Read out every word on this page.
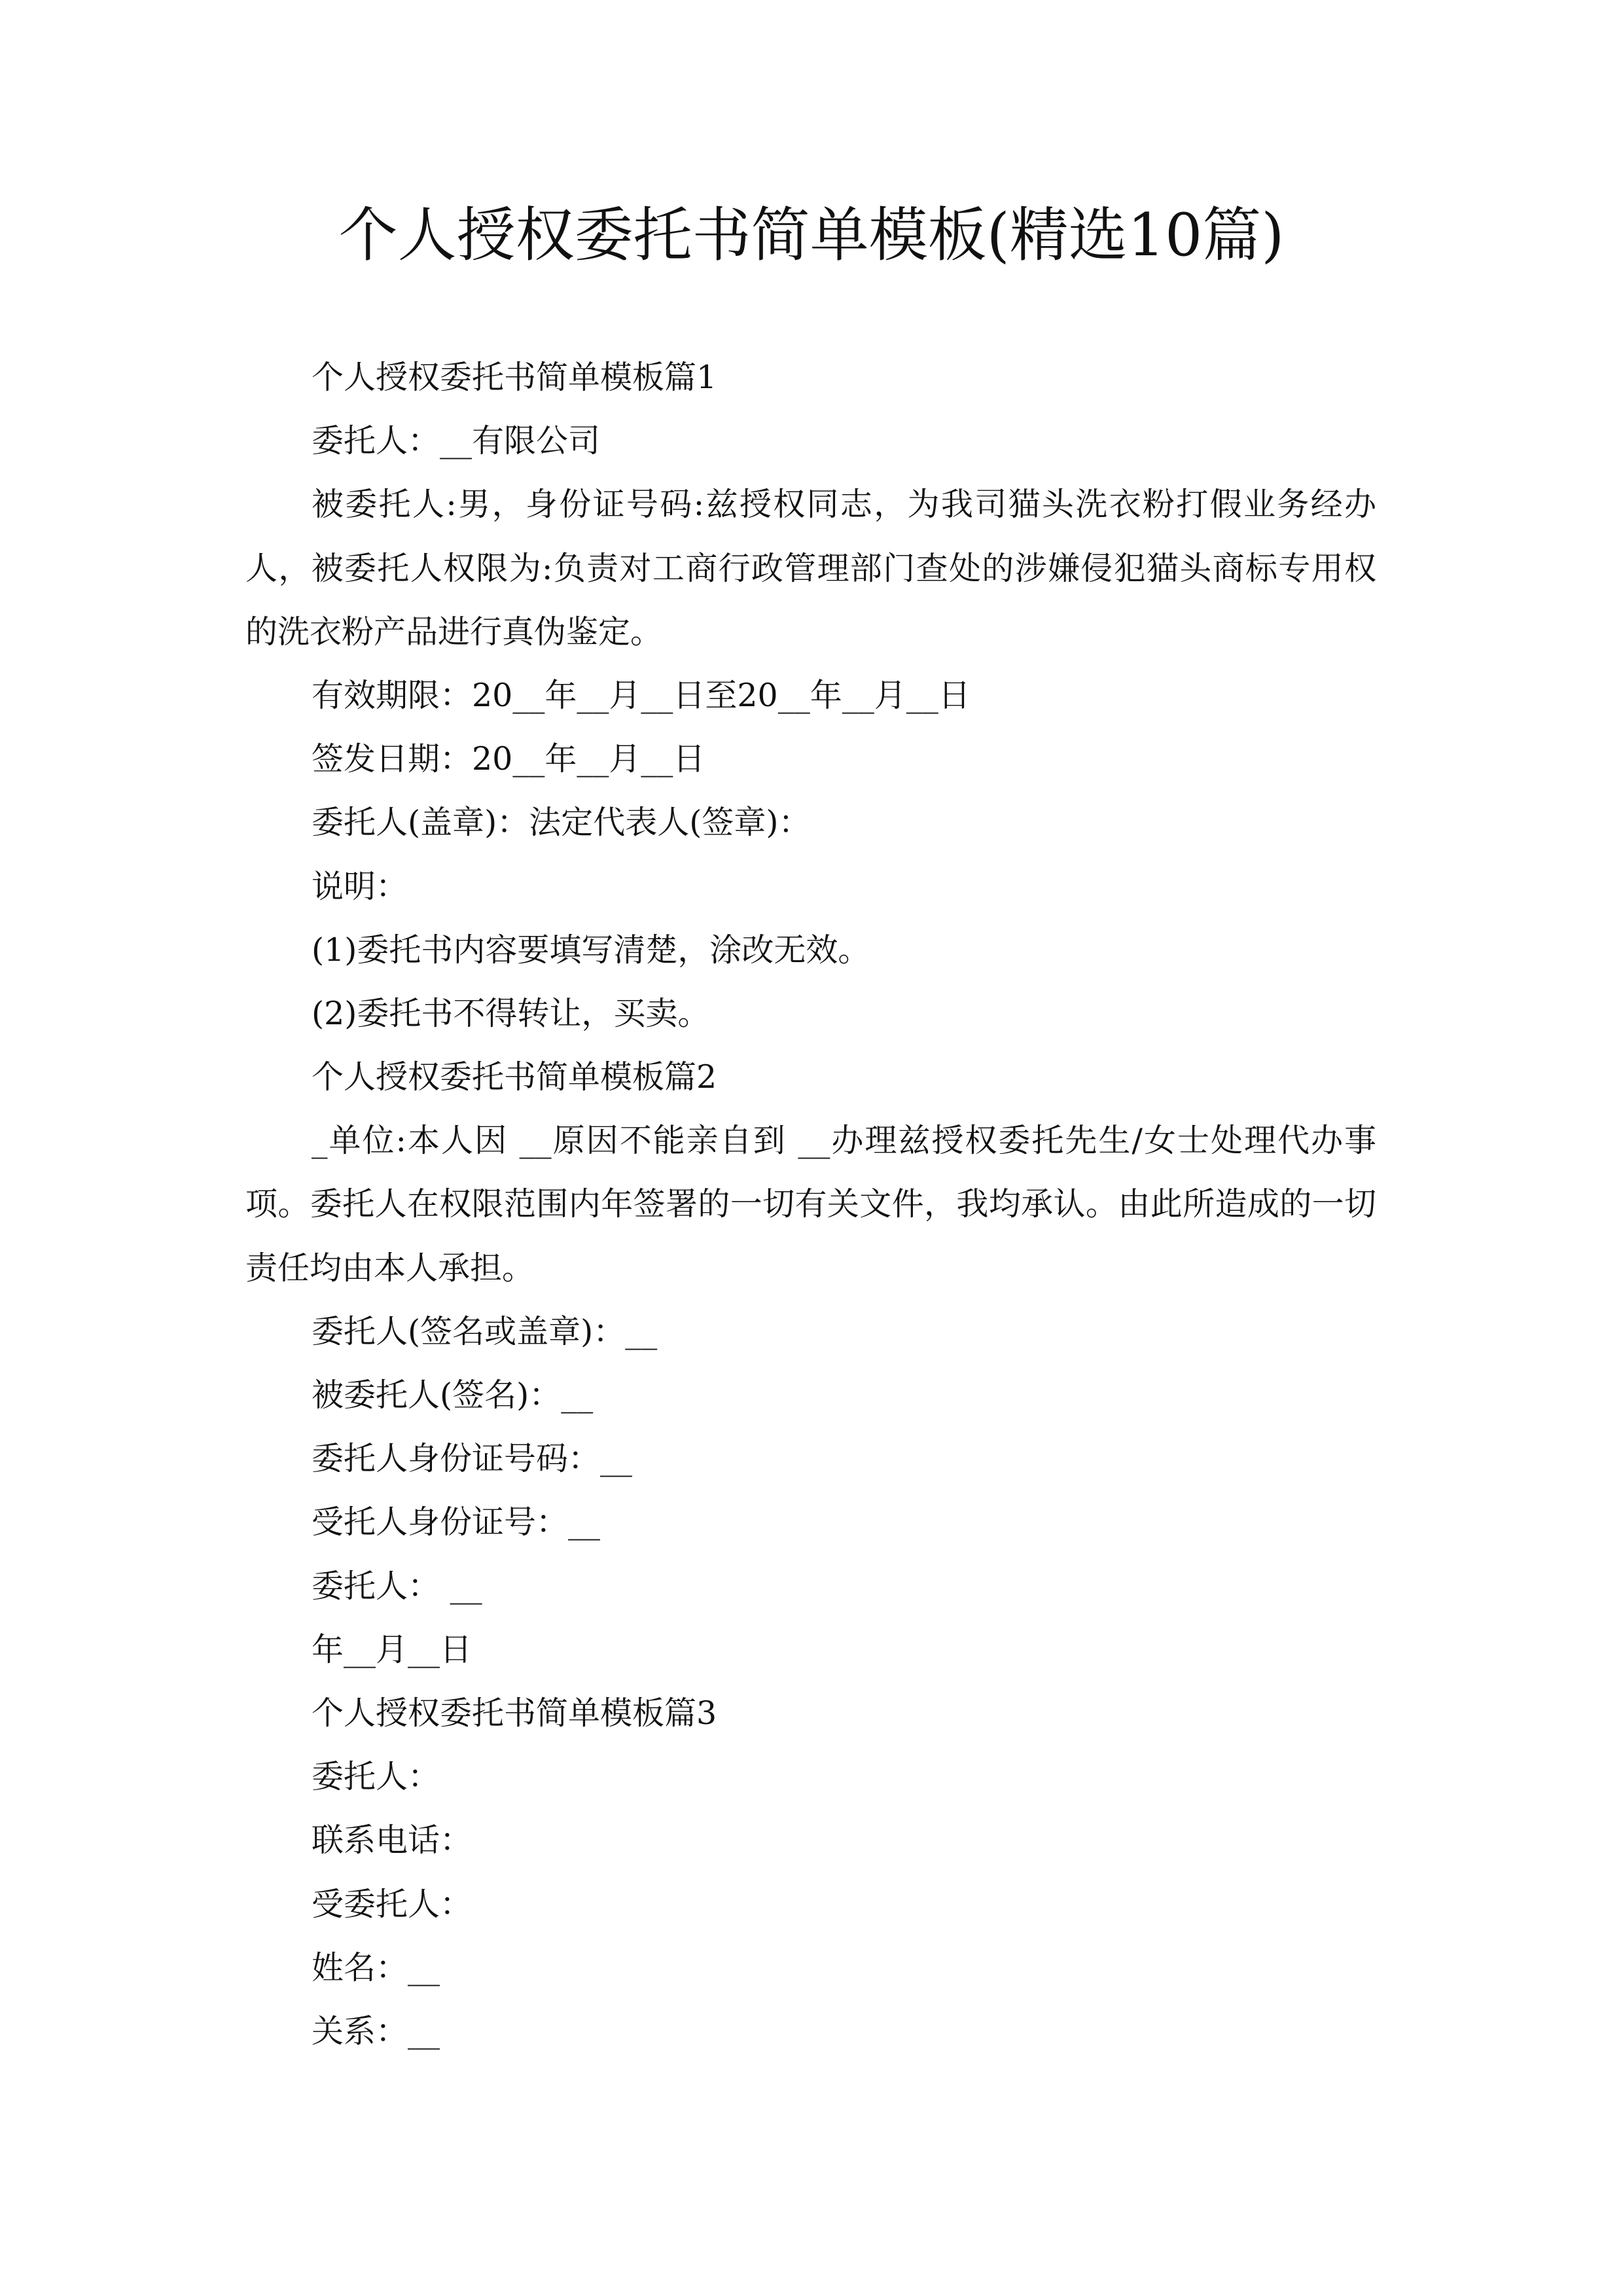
个人授权委托书简单模板(精选10篇)
个人授权委托书简单模板篇1
委托人：__有限公司
被委托人:男，身份证号码:兹授权同志，为我司猫头洗衣粉打假业务经办
人，被委托人权限为:负责对工商行政管理部门查处的涉嫌侵犯猫头商标专用权
的洗衣粉产品进行真伪鉴定。
有效期限：20__年__月__日至20__年__月__日
签发日期：20__年__月__日
委托人(盖章)：法定代表人(签章)：
说明：
(1)委托书内容要填写清楚，涂改无效。
(2)委托书不得转让，买卖。
个人授权委托书简单模板篇2
_单位:本人因 __原因不能亲自到 __办理兹授权委托先生/女士处理代办事
项。委托人在权限范围内年签署的一切有关文件，我均承认。由此所造成的一切
责任均由本人承担。
委托人(签名或盖章)：__
被委托人(签名)：__
委托人身份证号码：__
受托人身份证号：__
委托人： __
年__月__日
个人授权委托书简单模板篇3
委托人：
联系电话：
受委托人：
姓名：__
关系：__
